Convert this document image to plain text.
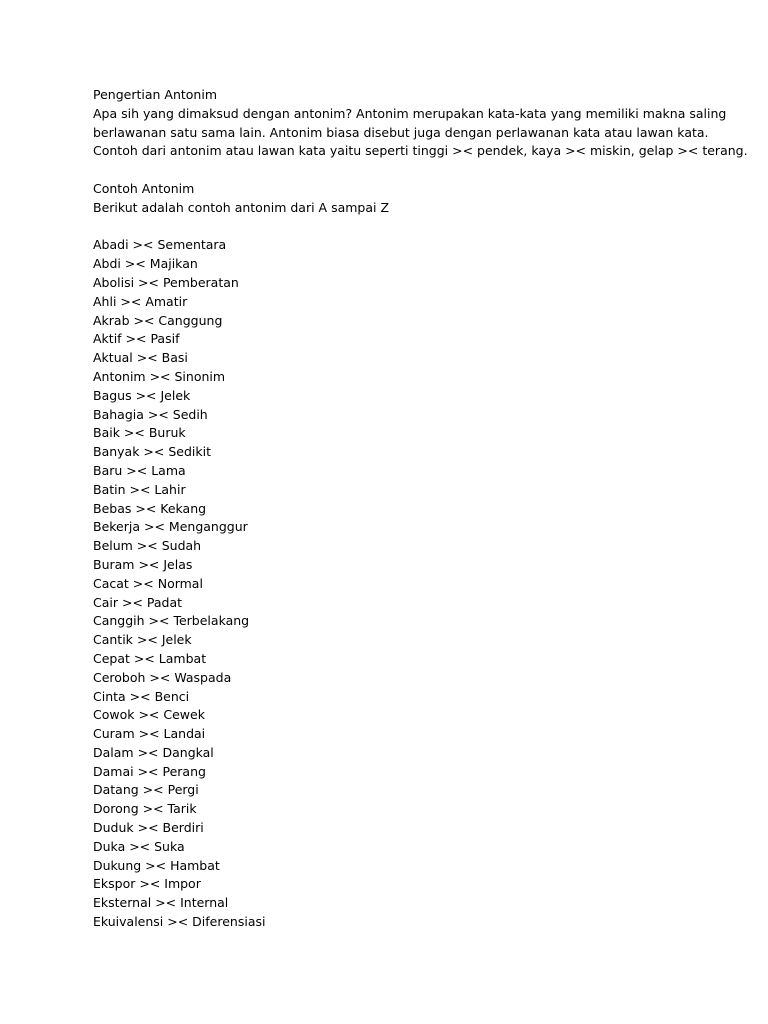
Pengertian Antonim

Apa sih yang dimaksud dengan antonim? Antonim merupakan kata-kata yang memiliki makna saling

berlawanan satu sama lain. Antonim biasa disebut juga dengan perlawanan kata atau lawan kata.

Contoh dari antonim atau lawan kata yaitu seperti tinggi >< pendek, kaya >< miskin, gelap >< terang.

Contoh Antonim

Berikut adalah contoh antonim dari A sampai Z

Abadi >< Sementara
Abdi >< Majikan
Abolisi >< Pemberatan
Ahli >< Amatir
Akrab >< Canggung
Aktif >< Pasif
Aktual >< Basi
Antonim >< Sinonim
Bagus >< Jelek
Bahagia >< Sedih
Baik >< Buruk
Banyak >< Sedikit
Baru >< Lama
Batin >< Lahir
Bebas >< Kekang
Bekerja >< Menganggur
Belum >< Sudah
Buram >< Jelas
Cacat >< Normal
Cair >< Padat
Canggih >< Terbelakang
Cantik >< Jelek
Cepat >< Lambat
Ceroboh >< Waspada
Cinta >< Benci
Cowok >< Cewek
Curam >< Landai
Dalam >< Dangkal
Damai >< Perang
Datang >< Pergi
Dorong >< Tarik
Duduk >< Berdiri
Duka >< Suka
Dukung >< Hambat
Ekspor >< Impor
Eksternal >< Internal
Ekuivalensi >< Diferensiasi
